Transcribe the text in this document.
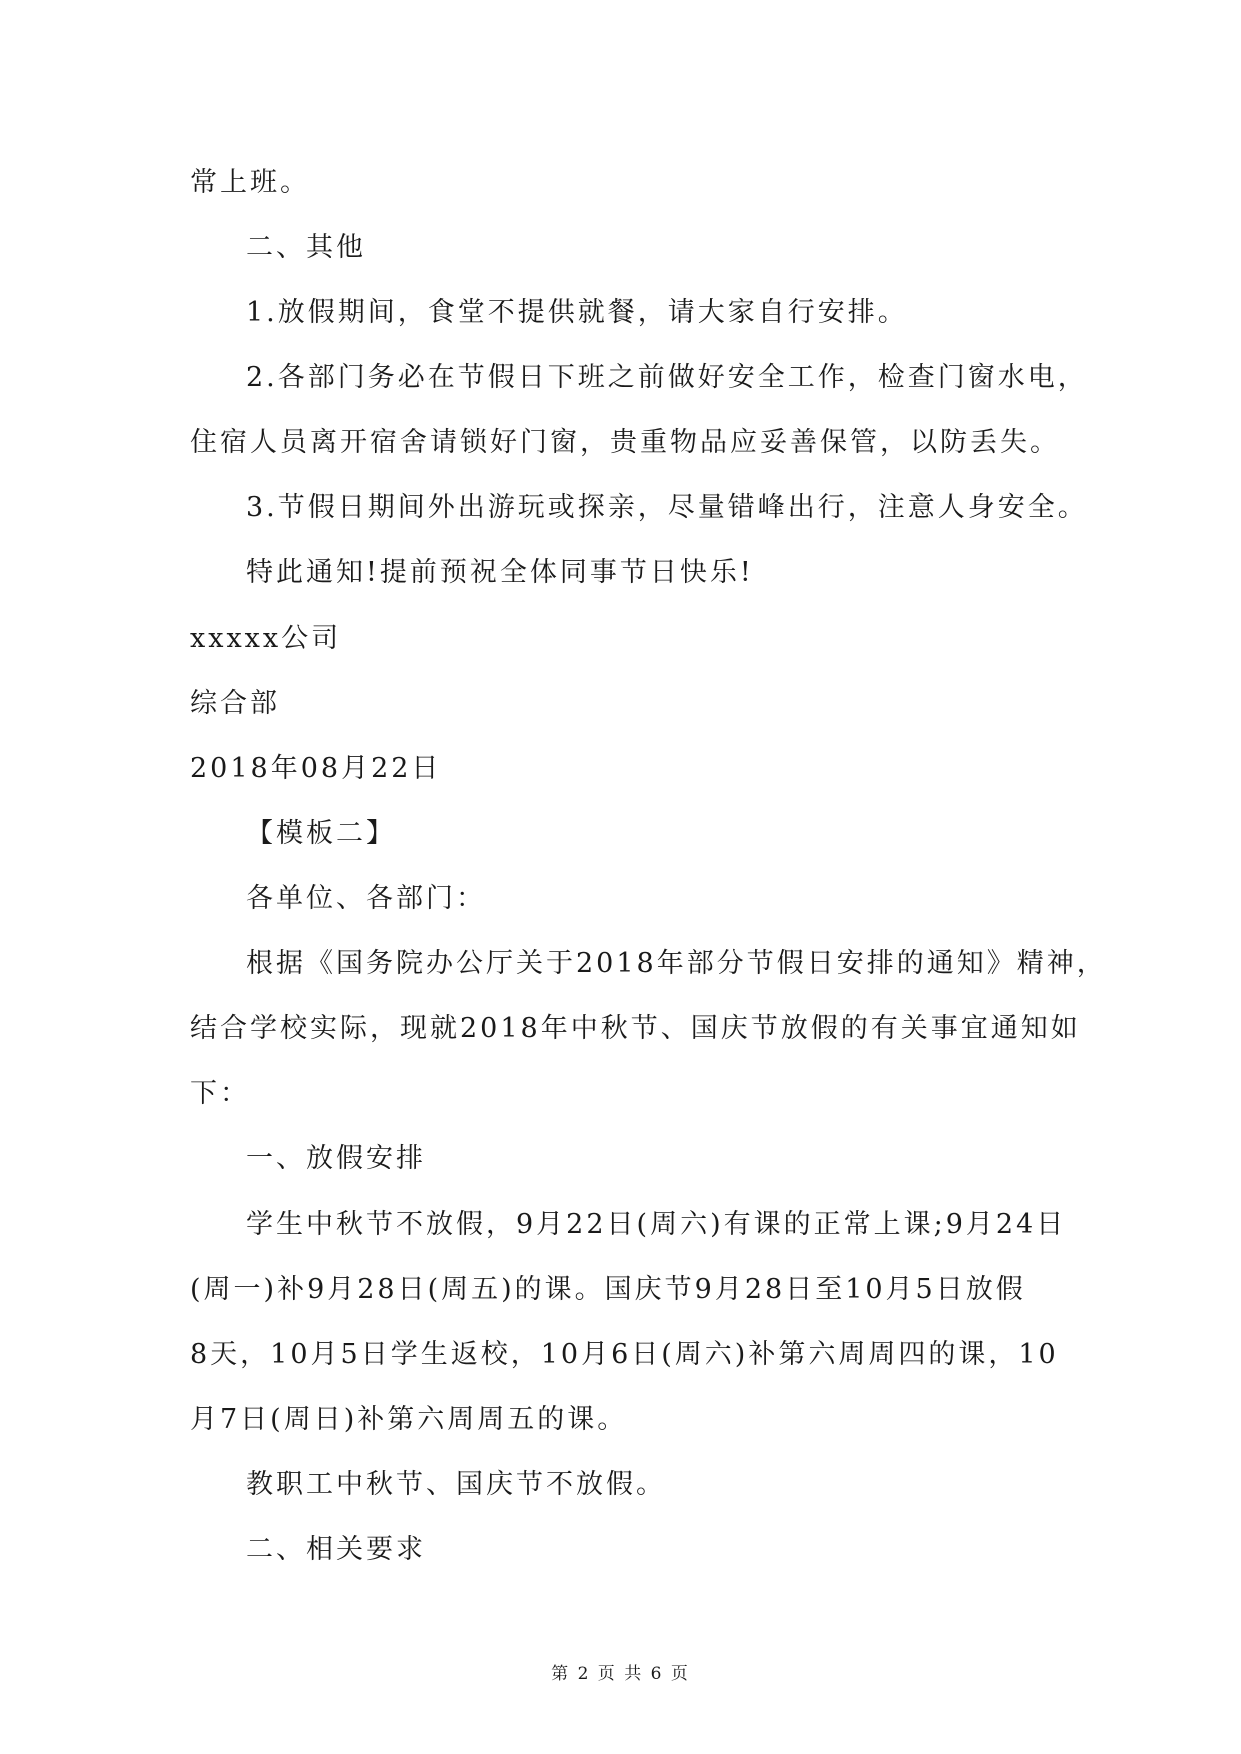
常上班。
二、其他
1.放假期间，食堂不提供就餐，请大家自行安排。
2.各部门务必在节假日下班之前做好安全工作，检查门窗水电，
住宿人员离开宿舍请锁好门窗，贵重物品应妥善保管，以防丢失。
3.节假日期间外出游玩或探亲，尽量错峰出行，注意人身安全。
特此通知!提前预祝全体同事节日快乐!
xxxxx公司
综合部
2018年08月22日
【模板二】
各单位、各部门：
根据《国务院办公厅关于2018年部分节假日安排的通知》精神，
结合学校实际，现就2018年中秋节、国庆节放假的有关事宜通知如
下：
一、放假安排
学生中秋节不放假，9月22日(周六)有课的正常上课;9月24日
(周一)补9月28日(周五)的课。国庆节9月28日至10月5日放假
8天，10月5日学生返校，10月6日(周六)补第六周周四的课，10
月7日(周日)补第六周周五的课。
教职工中秋节、国庆节不放假。
二、相关要求
第 2 页 共 6 页
